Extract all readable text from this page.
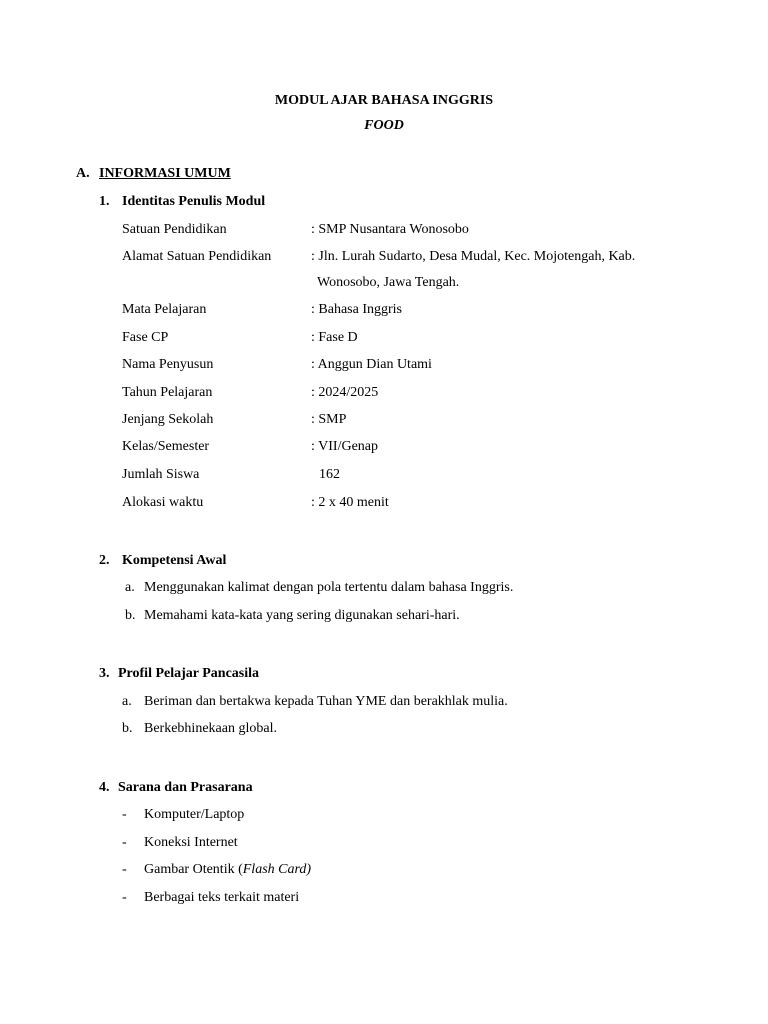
MODUL AJAR BAHASA INGGRIS
FOOD
A. INFORMASI UMUM
1. Identitas Penulis Modul
Satuan Pendidikan	: SMP Nusantara Wonosobo
Alamat Satuan Pendidikan	: Jln. Lurah Sudarto, Desa Mudal, Kec. Mojotengah, Kab.
Wonosobo, Jawa Tengah.
Mata Pelajaran	: Bahasa Inggris
Fase CP	: Fase D
Nama Penyusun	: Anggun Dian Utami
Tahun Pelajaran	: 2024/2025
Jenjang Sekolah	: SMP
Kelas/Semester	: VII/Genap
Jumlah Siswa	162
Alokasi waktu	: 2 x 40 menit
2. Kompetensi Awal
a. Menggunakan kalimat dengan pola tertentu dalam bahasa Inggris.
b. Memahami kata-kata yang sering digunakan sehari-hari.
3. Profil Pelajar Pancasila
a. Beriman dan bertakwa kepada Tuhan YME dan berakhlak mulia.
b. Berkebhinekaan global.
4. Sarana dan Prasarana
- Komputer/Laptop
- Koneksi Internet
- Gambar Otentik (Flash Card)
- Berbagai teks terkait materi
